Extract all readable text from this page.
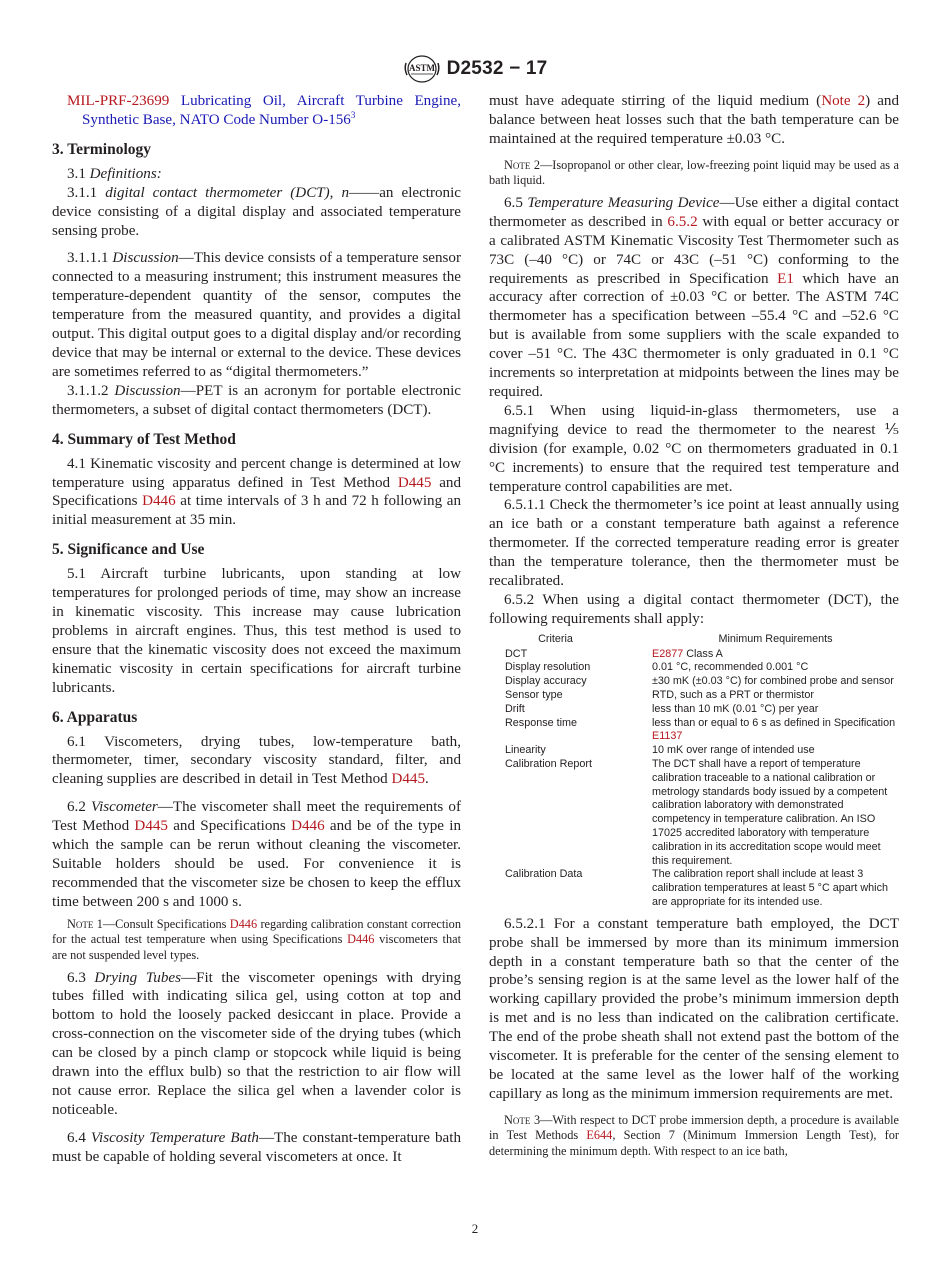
ASTM D2532 − 17

MIL-PRF-23699 Lubricating Oil, Aircraft Turbine Engine, Synthetic Base, NATO Code Number $O-156^3$

3. Terminology

3.1 Definitions:

3.1.1 digital contact thermometer (DCT), n——an electronic device consisting of a digital display and associated temperature sensing probe.

3.1.1.1 Discussion—This device consists of a temperature sensor connected to a measuring instrument; this instrument measures the temperature-dependent quantity of the sensor, computes the temperature from the measured quantity, and provides a digital output. This digital output goes to a digital display and/or recording device that may be internal or external to the device. These devices are sometimes referred to as “digital thermometers.”

3.1.1.2 Discussion—PET is an acronym for portable electronic thermometers, a subset of digital contact thermometers (DCT).

4. Summary of Test Method

4.1 Kinematic viscosity and percent change is determined at low temperature using apparatus defined in Test Method D445 and Specifications D446 at time intervals of 3 h and 72 h following an initial measurement at 35 min.

5. Significance and Use

5.1 Aircraft turbine lubricants, upon standing at low temperatures for prolonged periods of time, may show an increase in kinematic viscosity. This increase may cause lubrication problems in aircraft engines. Thus, this test method is used to ensure that the kinematic viscosity does not exceed the maximum kinematic viscosity in certain specifications for aircraft turbine lubricants.

6. Apparatus

6.1 Viscometers, drying tubes, low-temperature bath, thermometer, timer, secondary viscosity standard, filter, and cleaning supplies are described in detail in Test Method D445.

6.2 Viscometer—The viscometer shall meet the requirements of Test Method D445 and Specifications D446 and be of the type in which the sample can be rerun without cleaning the viscometer. Suitable holders should be used. For convenience it is recommended that the viscometer size be chosen to keep the efflux time between 200 s and 1000 s.

Note 1—Consult Specifications D446 regarding calibration constant correction for the actual test temperature when using Specifications D446 viscometers that are not suspended level types.

6.3 Drying Tubes—Fit the viscometer openings with drying tubes filled with indicating silica gel, using cotton at top and bottom to hold the loosely packed desiccant in place. Provide a cross-connection on the viscometer side of the drying tubes (which can be closed by a pinch clamp or stopcock while liquid is being drawn into the efflux bulb) so that the restriction to air flow will not cause error. Replace the silica gel when a lavender color is noticeable.

6.4 Viscosity Temperature Bath—The constant-temperature bath must be capable of holding several viscometers at once. It

must have adequate stirring of the liquid medium (Note 2) and balance between heat losses such that the bath temperature can be maintained at the required temperature ±0.03 °C.

Note 2—Isopropanol or other clear, low-freezing point liquid may be used as a bath liquid.

6.5 Temperature Measuring Device—Use either a digital contact thermometer as described in 6.5.2 with equal or better accuracy or a calibrated ASTM Kinematic Viscosity Test Thermometer such as 73C (–40 °C) or 74C or 43C (–51 °C) conforming to the requirements as prescribed in Specification E1 which have an accuracy after correction of ±0.03 °C or better. The ASTM 74C thermometer has a specification between –55.4 °C and –52.6 °C but is available from some suppliers with the scale expanded to cover –51 °C. The 43C thermometer is only graduated in 0.1 °C increments so interpretation at midpoints between the lines may be required.

6.5.1 When using liquid-in-glass thermometers, use a magnifying device to read the thermometer to the nearest ⅕ division (for example, 0.02 °C on thermometers graduated in 0.1 °C increments) to ensure that the required test temperature and temperature control capabilities are met.

6.5.1.1 Check the thermometer’s ice point at least annually using an ice bath or a constant temperature bath against a reference thermometer. If the corrected temperature reading error is greater than the temperature tolerance, then the thermometer must be recalibrated.

6.5.2 When using a digital contact thermometer (DCT), the following requirements shall apply:

Criteria	Minimum Requirements
DCT	E2877 Class A
Display resolution	0.01 °C, recommended 0.001 °C
Display accuracy	±30 mK (±0.03 °C) for combined probe and sensor
Sensor type	RTD, such as a PRT or thermistor
Drift	less than 10 mK (0.01 °C) per year
Response time	less than or equal to 6 s as defined in Specification E1137
Linearity	10 mK over range of intended use
Calibration Report	The DCT shall have a report of temperature calibration traceable to a national calibration or metrology standards body issued by a competent calibration laboratory with demonstrated competency in temperature calibration. An ISO 17025 accredited laboratory with temperature calibration in its accreditation scope would meet this requirement.
Calibration Data	The calibration report shall include at least 3 calibration temperatures at least 5 °C apart which are appropriate for its intended use.

6.5.2.1 For a constant temperature bath employed, the DCT probe shall be immersed by more than its minimum immersion depth in a constant temperature bath so that the center of the probe’s sensing region is at the same level as the lower half of the working capillary provided the probe’s minimum immersion depth is met and is no less than indicated on the calibration certificate. The end of the probe sheath shall not extend past the bottom of the viscometer. It is preferable for the center of the sensing element to be located at the same level as the lower half of the working capillary as long as the minimum immersion requirements are met.

Note 3—With respect to DCT probe immersion depth, a procedure is available in Test Methods E644, Section 7 (Minimum Immersion Length Test), for determining the minimum depth. With respect to an ice bath,

2
